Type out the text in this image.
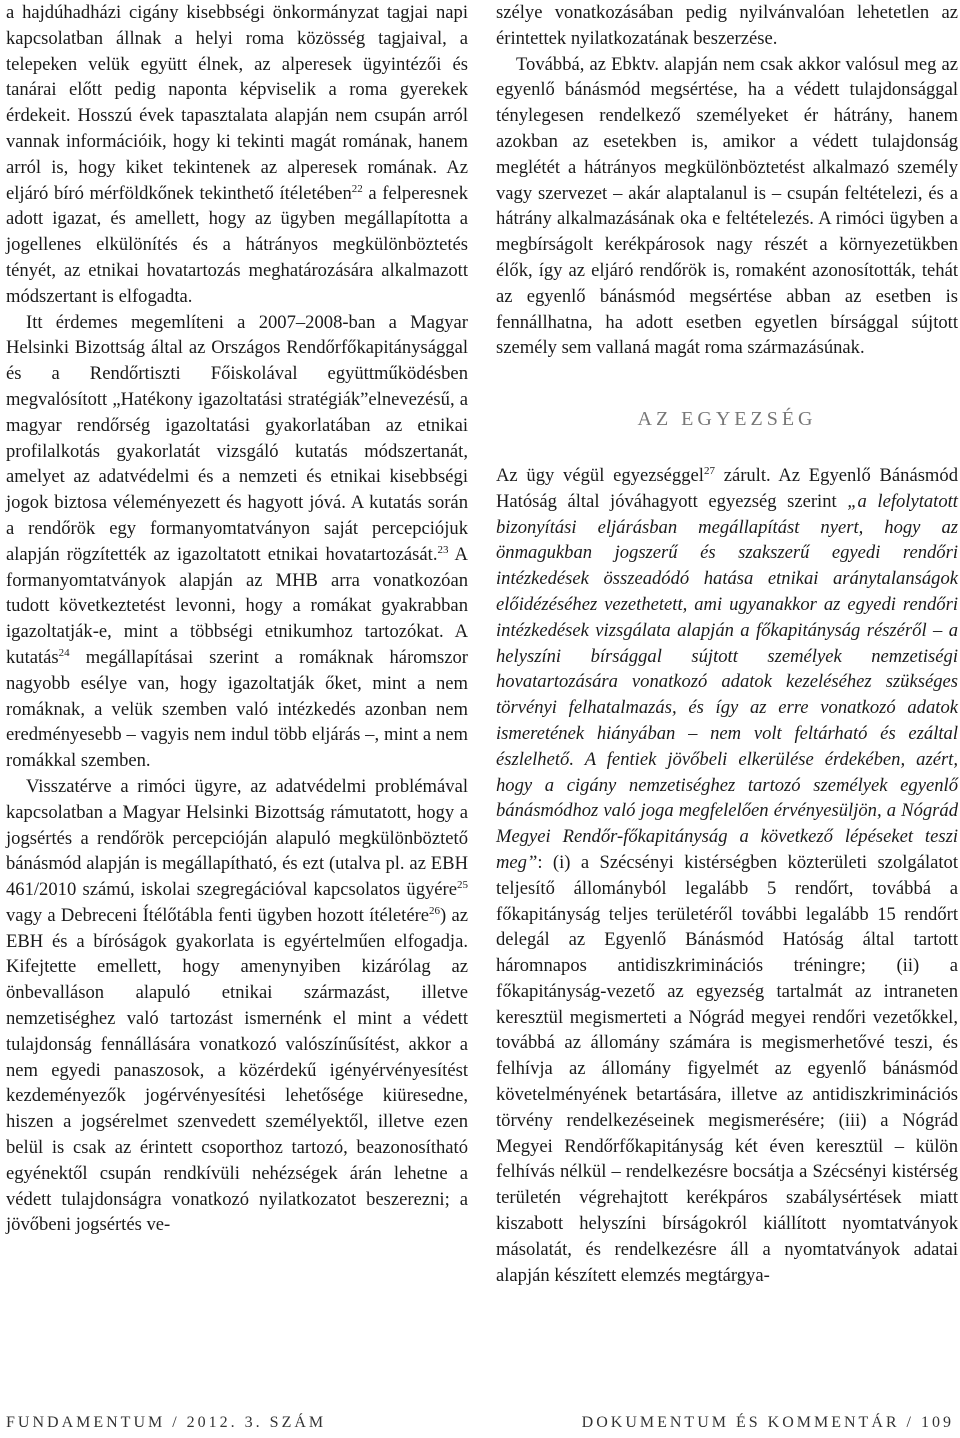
a hajdúhadházi cigány kisebbségi önkormányzat tagjai napi kapcsolatban állnak a helyi roma közösség tagjaival, a telepeken velük együtt élnek, az alperesek ügyintézői és tanárai előtt pedig naponta képviselik a roma gyerekek érdekeit. Hosszú évek tapasztalata alapján nem csupán arról vannak információik, hogy ki tekinti magát romának, hanem arról is, hogy kiket tekintenek az alperesek romának. Az eljáró bíró mérföldkőnek tekinthető ítéletében$^{22}$ a felperesnek adott igazat, és amellett, hogy az ügyben megállapította a jogellenes elkülönítés és a hátrányos megkülönböztetés tényét, az etnikai hovatartozás meghatározására alkalmazott módszertant is elfogadta.

Itt érdemes megemlíteni a 2007–2008-ban a Magyar Helsinki Bizottság által az Országos Rendőrfőkapitánysággal és a Rendőrtiszti Főiskolával együttműködésben megvalósított „Hatékony igazoltatási stratégiák”elnevezésű, a magyar rendőrség igazoltatási gyakorlatában az etnikai profilalkotás gyakorlatát vizsgáló kutatás módszertanát, amelyet az adatvédelmi és a nemzeti és etnikai kisebbségi jogok biztosa véleményezett és hagyott jóvá. A kutatás során a rendőrök egy formanyomtatványon saját percepciójuk alapján rögzítették az igazoltatott etnikai hovatartozását.$^{23}$ A formanyomtatványok alapján az MHB arra vonatkozóan tudott következtetést levonni, hogy a romákat gyakrabban igazoltatják-e, mint a többségi etnikumhoz tartozókat. A kutatás$^{24}$ megállapításai szerint a romáknak háromszor nagyobb esélye van, hogy igazoltatják őket, mint a nem romáknak, a velük szemben való intézkedés azonban nem eredményesebb – vagyis nem indul több eljárás –, mint a nem romákkal szemben.

Visszatérve a rimóci ügyre, az adatvédelmi problémával kapcsolatban a Magyar Helsinki Bizottság rámutatott, hogy a jogsértés a rendőrök percepcióján alapuló megkülönböztető bánásmód alapján is megállapítható, és ezt (utalva pl. az EBH 461/2010 számú, iskolai szegregációval kapcsolatos ügyére$^{25}$ vagy a Debreceni Ítélőtábla fenti ügyben hozott ítéletére$^{26}$) az EBH és a bíróságok gyakorlata is egyértelműen elfogadja. Kifejtette emellett, hogy amenynyiben kizárólag az önbevalláson alapuló etnikai származást, illetve nemzetiséghez való tartozást ismernénk el mint a védett tulajdonság fennállására vonatkozó valószínűsítést, akkor a nem egyedi panaszosok, a közérdekű igényérvényesítést kezdeményezők jogérvényesítési lehetősége kiüresedne, hiszen a jogsérelmet szenvedett személyektől, illetve ezen belül is csak az érintett csoporthoz tartozó, beazonosítható egyénektől csupán rendkívüli nehézségek árán lehetne a védett tulajdonságra vonatkozó nyilatkozatot beszerezni; a jövőbeni jogsértés ve-

szélye vonatkozásában pedig nyilvánvalóan lehetetlen az érintettek nyilatkozatának beszerzése.

Továbbá, az Ebktv. alapján nem csak akkor valósul meg az egyenlő bánásmód megsértése, ha a védett tulajdonsággal ténylegesen rendelkező személyeket ér hátrány, hanem azokban az esetekben is, amikor a védett tulajdonság meglétét a hátrányos megkülönböztetést alkalmazó személy vagy szervezet – akár alaptalanul is – csupán feltételezi, és a hátrány alkalmazásának oka e feltételezés. A rimóci ügyben a megbírságolt kerékpárosok nagy részét a környezetükben élők, így az eljáró rendőrök is, romaként azonosították, tehát az egyenlő bánásmód megsértése abban az esetben is fennállhatna, ha adott esetben egyetlen bírsággal sújtott személy sem vallaná magát roma származásúnak.

AZ EGYEZSÉG

Az ügy végül egyezséggel$^{27}$ zárult. Az Egyenlő Bánásmód Hatóság által jóváhagyott egyezség szerint „a lefolytatott bizonyítási eljárásban megállapítást nyert, hogy az önmagukban jogszerű és szakszerű egyedi rendőri intézkedések összeadódó hatása etnikai aránytalanságok előidézéséhez vezethetett, ami ugyanakkor az egyedi rendőri intézkedések vizsgálata alapján a főkapitányság részéről – a helyszíni bírsággal sújtott személyek nemzetiségi hovatartozására vonatkozó adatok kezeléséhez szükséges törvényi felhatalmazás, és így az erre vonatkozó adatok ismeretének hiányában – nem volt feltárható és ezáltal észlelhető. A fentiek jövőbeli elkerülése érdekében, azért, hogy a cigány nemzetiséghez tartozó személyek egyenlő bánásmódhoz való joga megfelelően érvényesüljön, a Nógrád Megyei Rendőr-főkapitányság a következő lépéseket teszi meg”: (i) a Szécsényi kistérségben közterületi szolgálatot teljesítő állományból legalább 5 rendőrt, továbbá a főkapitányság teljes területéről további legalább 15 rendőrt delegál az Egyenlő Bánásmód Hatóság által tartott háromnapos antidiszkriminációs tréningre; (ii) a főkapitányság-vezető az egyezség tartalmát az intraneten keresztül megismerteti a Nógrád megyei rendőri vezetőkkel, továbbá az állomány számára is megismerhetővé teszi, és felhívja az állomány figyelmét az egyenlő bánásmód követelményének betartására, illetve az antidiszkriminációs törvény rendelkezéseinek megismerésére; (iii) a Nógrád Megyei Rendőrfőkapitányság két éven keresztül – külön felhívás nélkül – rendelkezésre bocsátja a Szécsényi kistérség területén végrehajtott kerékpáros szabálysértések miatt kiszabott helyszíni bírságokról kiállított nyomtatványok másolatát, és rendelkezésre áll a nyomtatványok adatai alapján készített elemzés megtárgya-

FUNDAMENTUM / 2012. 3. SZÁM	DOKUMENTUM ÉS KOMMENTÁR / 109
